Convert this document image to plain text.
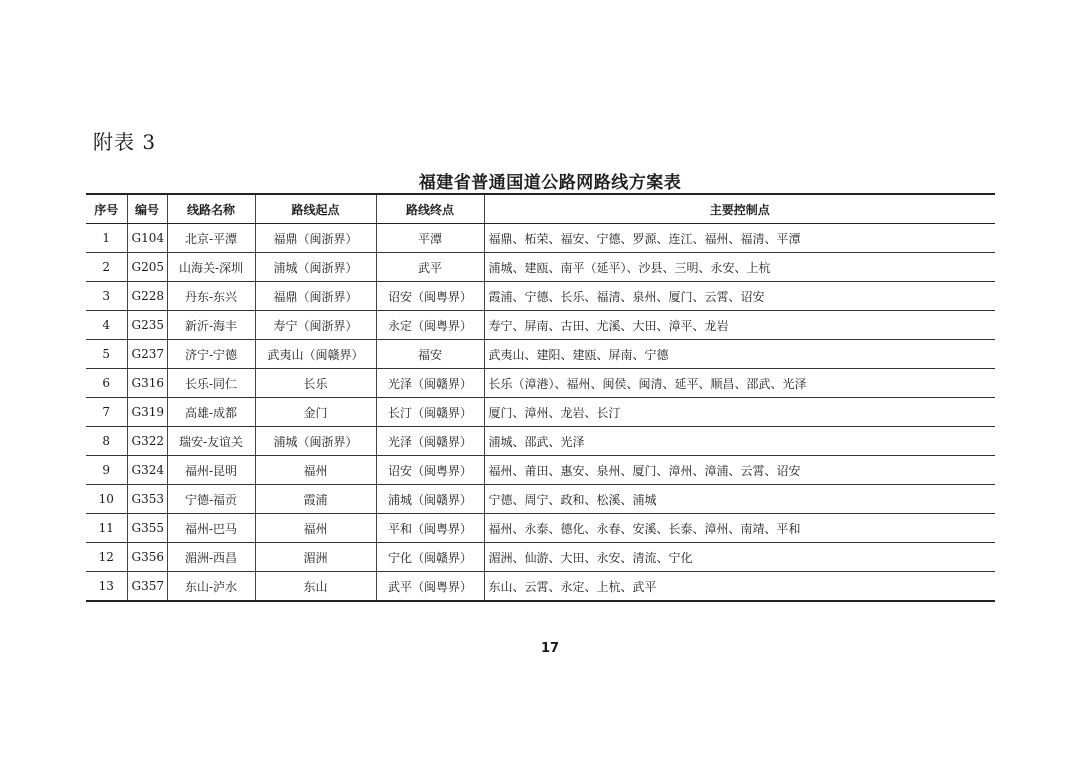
附表 3
福建省普通国道公路网路线方案表
序号	编号	线路名称	路线起点	路线终点	主要控制点
1	G104	北京-平潭	福鼎（闽浙界）	平潭	福鼎、柘荣、福安、宁德、罗源、连江、福州、福清、平潭
2	G205	山海关-深圳	浦城（闽浙界）	武平	浦城、建瓯、南平（延平）、沙县、三明、永安、上杭
3	G228	丹东-东兴	福鼎（闽浙界）	诏安（闽粤界）	霞浦、宁德、长乐、福清、泉州、厦门、云霄、诏安
4	G235	新沂-海丰	寿宁（闽浙界）	永定（闽粤界）	寿宁、屏南、古田、尤溪、大田、漳平、龙岩
5	G237	济宁-宁德	武夷山（闽赣界）	福安	武夷山、建阳、建瓯、屏南、宁德
6	G316	长乐-同仁	长乐	光泽（闽赣界）	长乐（漳港）、福州、闽侯、闽清、延平、顺昌、邵武、光泽
7	G319	高雄-成都	金门	长汀（闽赣界）	厦门、漳州、龙岩、长汀
8	G322	瑞安-友谊关	浦城（闽浙界）	光泽（闽赣界）	浦城、邵武、光泽
9	G324	福州-昆明	福州	诏安（闽粤界）	福州、莆田、惠安、泉州、厦门、漳州、漳浦、云霄、诏安
10	G353	宁德-福贡	霞浦	浦城（闽赣界）	宁德、周宁、政和、松溪、浦城
11	G355	福州-巴马	福州	平和（闽粤界）	福州、永泰、德化、永春、安溪、长泰、漳州、南靖、平和
12	G356	湄洲-西昌	湄洲	宁化（闽赣界）	湄洲、仙游、大田、永安、清流、宁化
13	G357	东山-泸水	东山	武平（闽粤界）	东山、云霄、永定、上杭、武平
17
